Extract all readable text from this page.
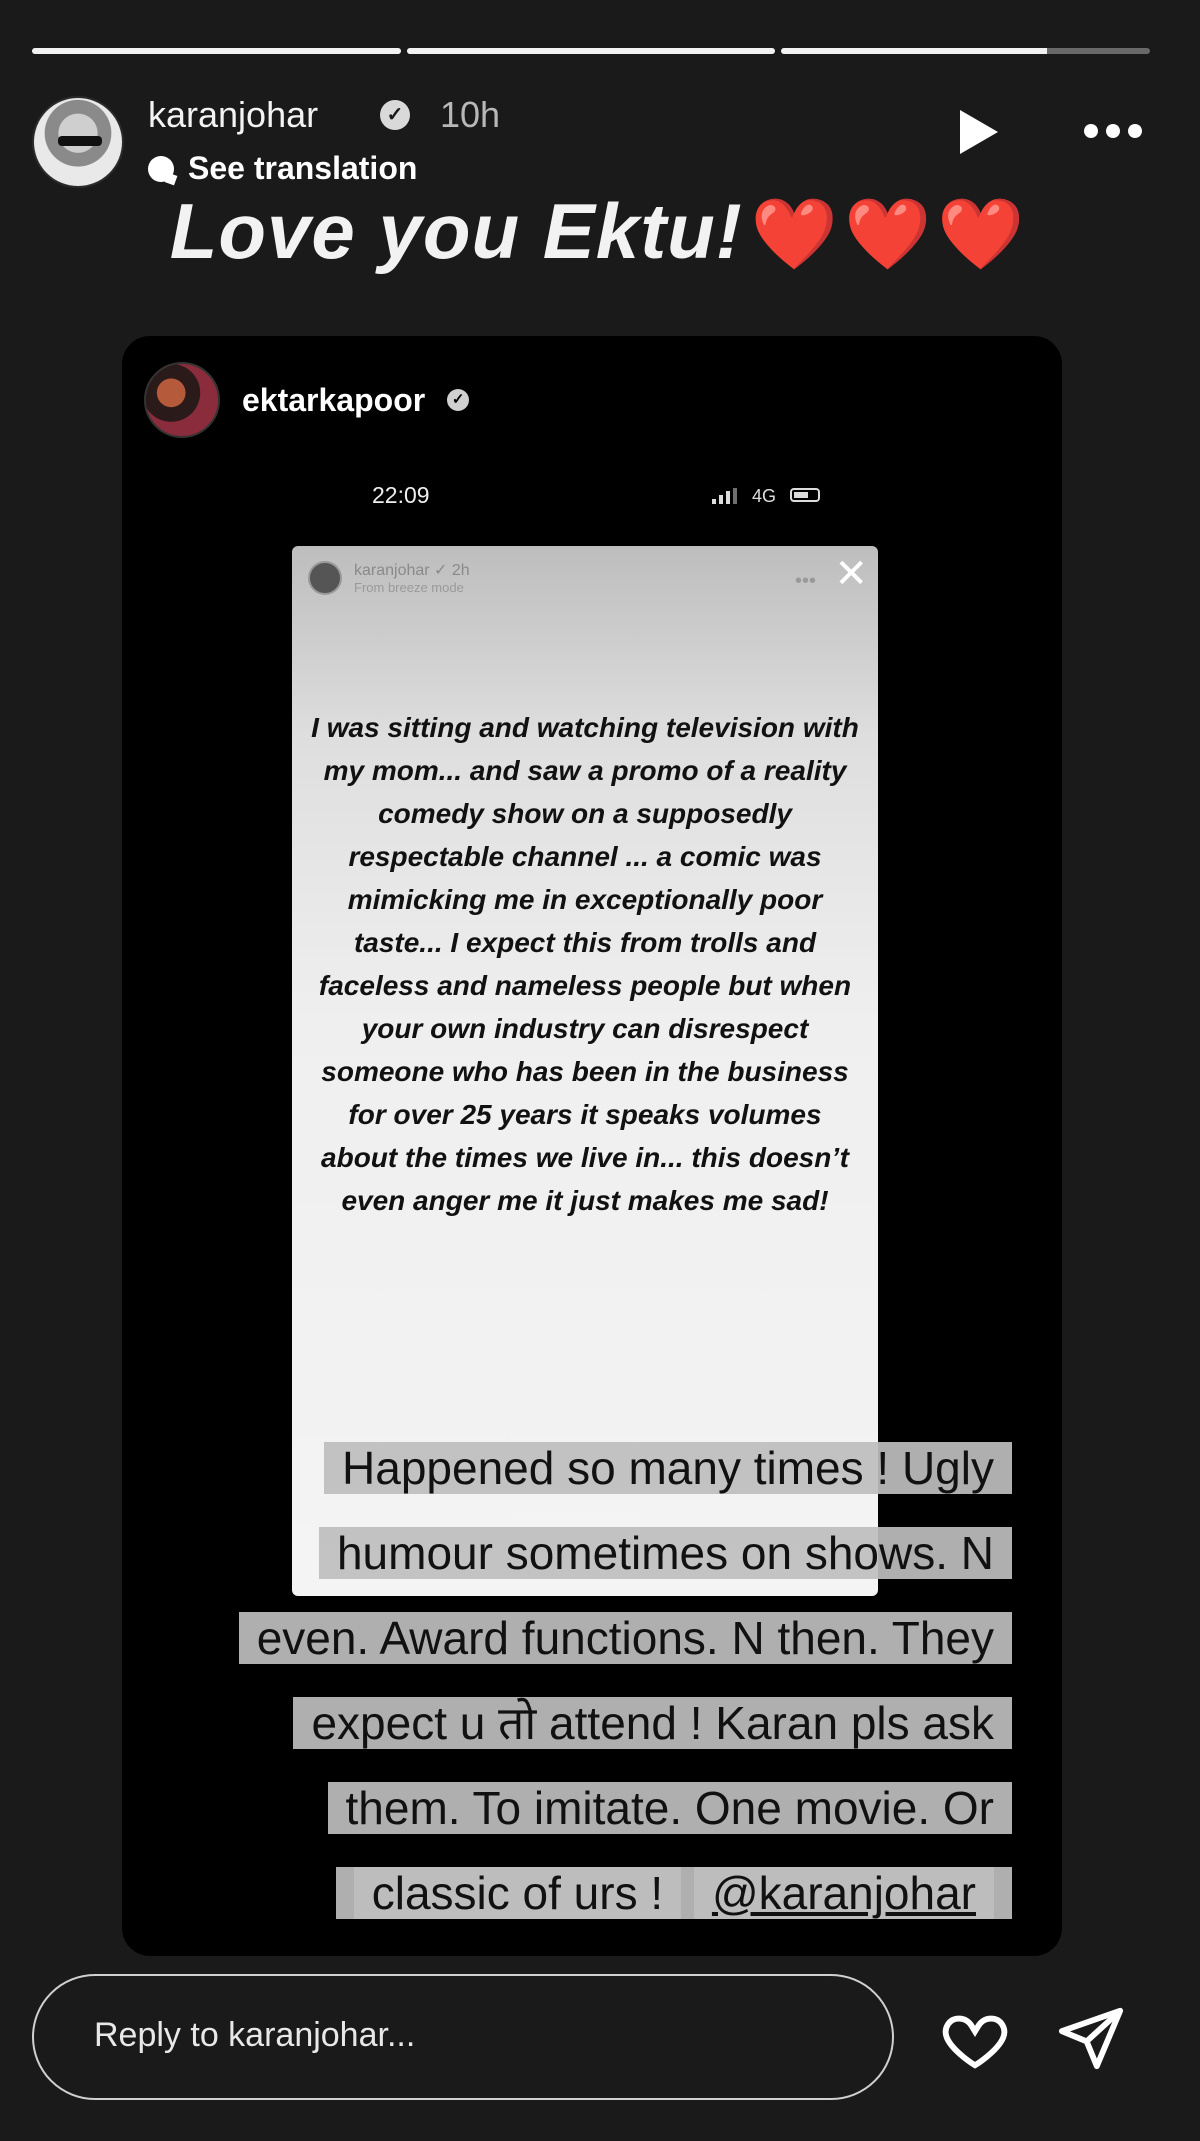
karanjohar	✓ 10h
See translation
Love you Ektu! ❤️❤️❤️
ektarkapoor	✓
22:09	4G
karanjohar ✓ 2h
From breeze mode	••• ✕
I was sitting and watching television with my mom... and saw a promo of a reality comedy show on a supposedly respectable channel ... a comic was mimicking me in exceptionally poor taste... I expect this from trolls and faceless and nameless people but when your own industry can disrespect someone who has been in the business for over 25 years it speaks volumes about the times we live in... this doesn’t even anger me it just makes me sad!
Happened so many times ! Ugly
humour sometimes on shows. N
even. Award functions. N then. They
expect u तो attend ! Karan pls ask
them. To imitate. One movie. Or
classic of urs ! @karanjohar
Reply to karanjohar...
